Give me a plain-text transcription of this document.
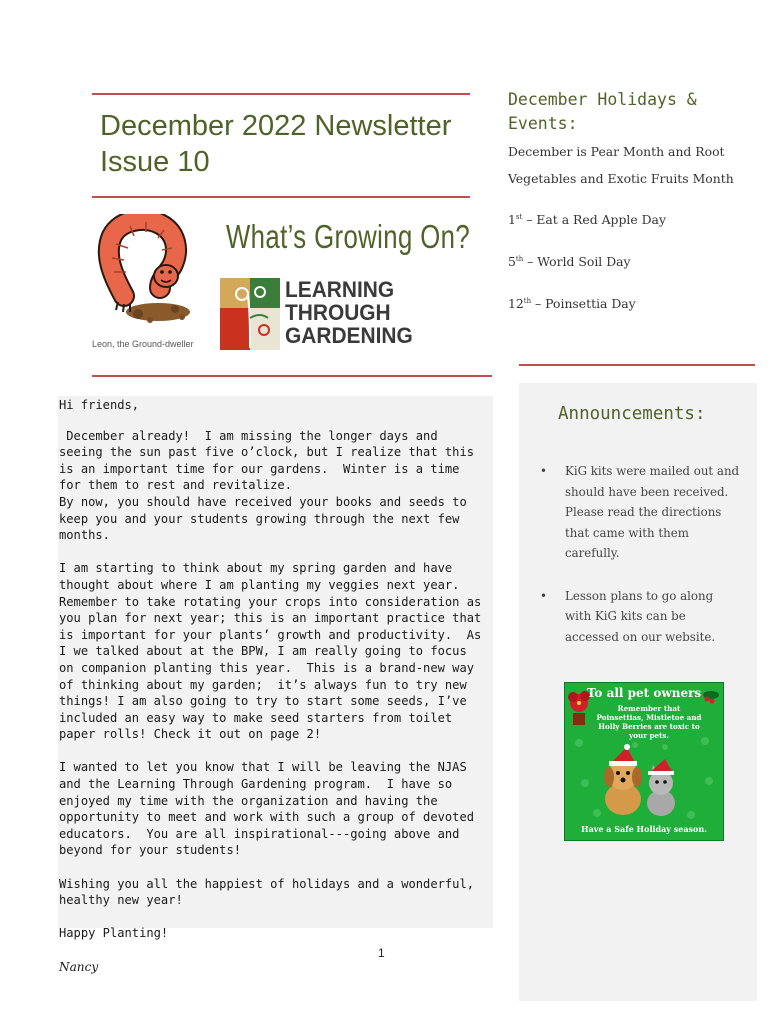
December 2022 Newsletter
Issue 10
Leon, the Ground-dweller
What’s Growing On?
LEARNING
THROUGH
GARDENING

Hi friends,

December already!  I am missing the longer days and seeing the sun past five o’clock, but I realize that this is an important time for our gardens.  Winter is a time for them to rest and revitalize.
By now, you should have received your books and seeds to keep you and your students growing through the next few months.

I am starting to think about my spring garden and have thought about where I am planting my veggies next year.  Remember to take rotating your crops into consideration as you plan for next year; this is an important practice that is important for your plants’ growth and productivity.  As I we talked about at the BPW, I am really going to focus on companion planting this year.  This is a brand-new way of thinking about my garden;  it’s always fun to try new things! I am also going to try to start some seeds, I’ve included an easy way to make seed starters from toilet paper rolls! Check it out on page 2!

I wanted to let you know that I will be leaving the NJAS and the Learning Through Gardening program.  I have so enjoyed my time with the organization and having the opportunity to meet and work with such a group of devoted educators.  You are all inspirational---going above and beyond for your students!

Wishing you all the happiest of holidays and a wonderful, healthy new year!

Happy Planting!

Nancy

December Holidays &
Events:
December is Pear Month and Root Vegetables and Exotic Fruits Month
1st – Eat a Red Apple Day
5th – World Soil Day
12th – Poinsettia Day
Announcements:
• KiG kits were mailed out and should have been received. Please read the directions that came with them carefully.
• Lesson plans to go along with KiG kits can be accessed on our website.
To all pet owners
Remember that Poinsettias, Mistletoe and Holly Berries are toxic to your pets.
Have a Safe Holiday season.
1
